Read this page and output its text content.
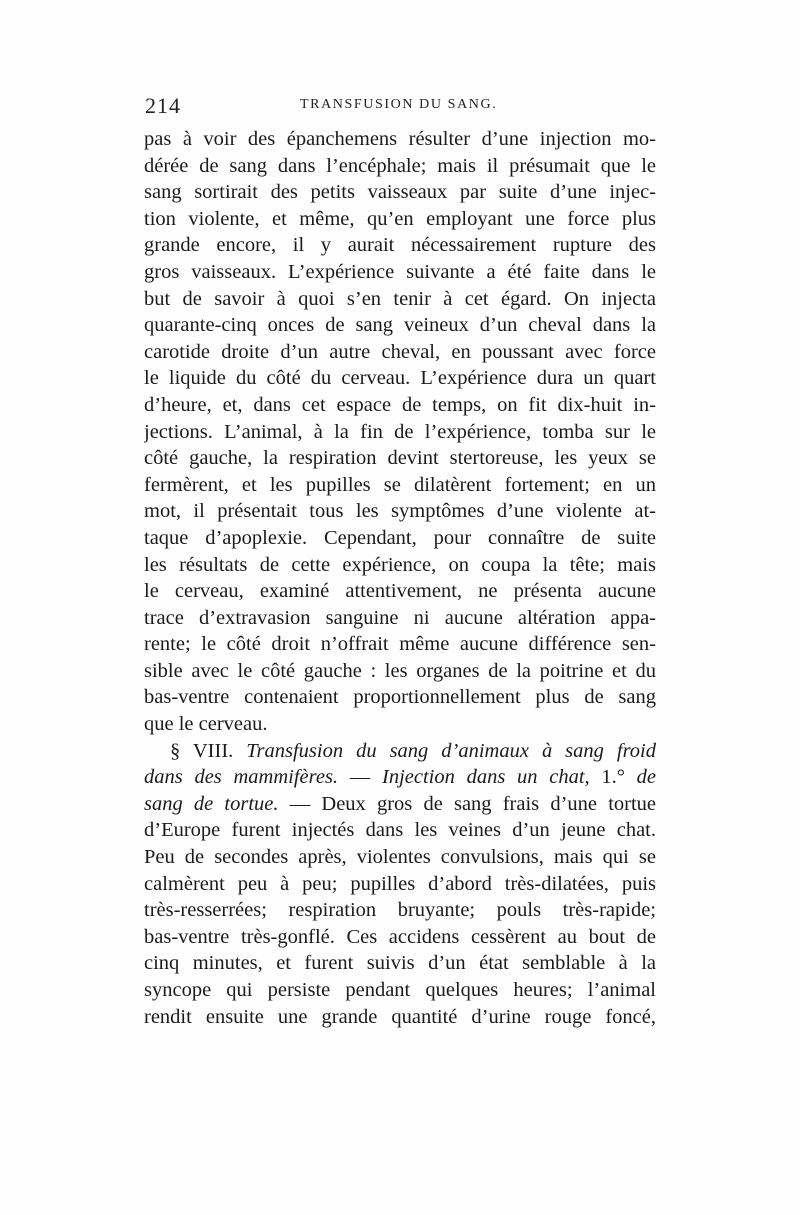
214	TRANSFUSION DU SANG.
pas à voir des épanchemens résulter d’une injection mo-
dérée de sang dans l’encéphale; mais il présumait que le
sang sortirait des petits vaisseaux par suite d’une injec-
tion violente, et même, qu’en employant une force plus
grande encore, il y aurait nécessairement rupture des
gros vaisseaux. L’expérience suivante a été faite dans le
but de savoir à quoi s’en tenir à cet égard. On injecta
quarante-cinq onces de sang veineux d’un cheval dans la
carotide droite d’un autre cheval, en poussant avec force
le liquide du côté du cerveau. L’expérience dura un quart
d’heure, et, dans cet espace de temps, on fit dix-huit in-
jections. L’animal, à la fin de l’expérience, tomba sur le
côté gauche, la respiration devint stertoreuse, les yeux se
fermèrent, et les pupilles se dilatèrent fortement; en un
mot, il présentait tous les symptômes d’une violente at-
taque d’apoplexie. Cependant, pour connaître de suite
les résultats de cette expérience, on coupa la tête; mais
le cerveau, examiné attentivement, ne présenta aucune
trace d’extravasion sanguine ni aucune altération appa-
rente; le côté droit n’offrait même aucune différence sen-
sible avec le côté gauche : les organes de la poitrine et du
bas-ventre contenaient proportionnellement plus de sang
que le cerveau.
§ VIII. Transfusion du sang d’animaux à sang froid
dans des mammifères. — Injection dans un chat, 1.° de
sang de tortue. — Deux gros de sang frais d’une tortue
d’Europe furent injectés dans les veines d’un jeune chat.
Peu de secondes après, violentes convulsions, mais qui se
calmèrent peu à peu; pupilles d’abord très-dilatées, puis
très-resserrées; respiration bruyante; pouls très-rapide;
bas-ventre très-gonflé. Ces accidens cessèrent au bout de
cinq minutes, et furent suivis d’un état semblable à la
syncope qui persiste pendant quelques heures; l’animal
rendit ensuite une grande quantité d’urine rouge foncé,
